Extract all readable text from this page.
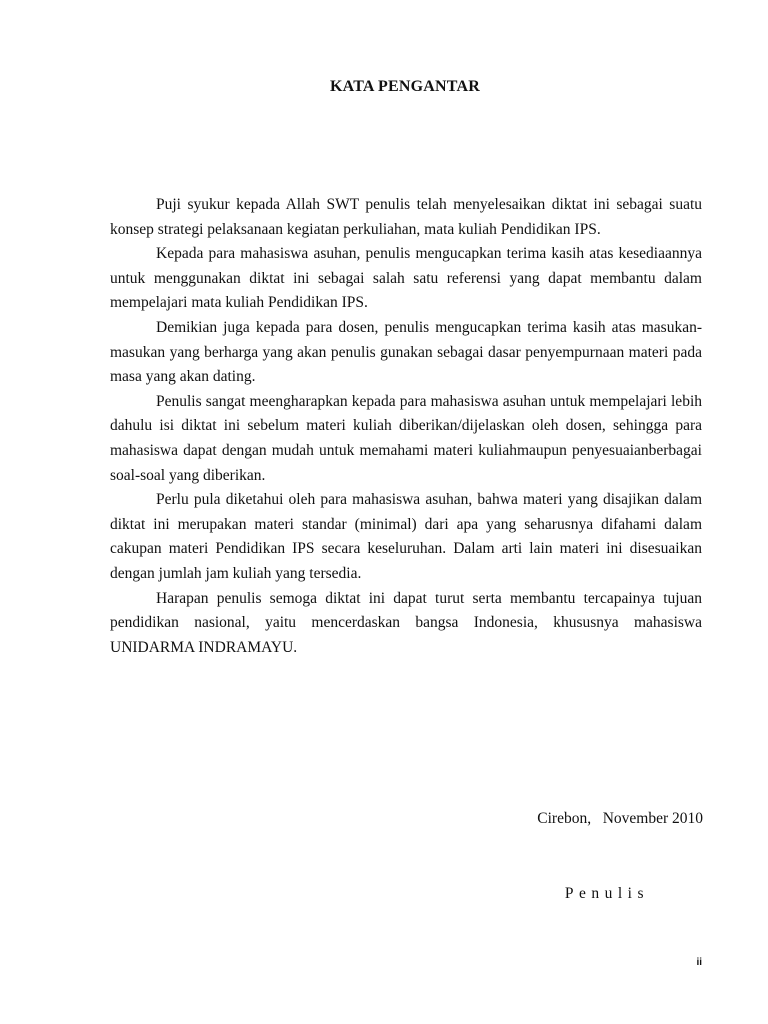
KATA PENGANTAR

Puji syukur kepada Allah SWT penulis telah menyelesaikan diktat ini sebagai suatu konsep strategi pelaksanaan kegiatan perkuliahan, mata kuliah Pendidikan IPS.

Kepada para mahasiswa asuhan, penulis mengucapkan terima kasih atas kesediaannya untuk menggunakan diktat ini sebagai salah satu referensi yang dapat membantu dalam mempelajari mata kuliah Pendidikan IPS.

Demikian juga kepada para dosen, penulis mengucapkan terima kasih atas masukan-masukan yang berharga yang akan penulis gunakan sebagai dasar penyempurnaan materi pada masa yang akan dating.

Penulis sangat meengharapkan kepada para mahasiswa asuhan untuk mempelajari lebih dahulu isi diktat ini sebelum materi kuliah diberikan/dijelaskan oleh dosen, sehingga para mahasiswa dapat dengan mudah untuk memahami materi kuliahmaupun penyesuaianberbagai soal-soal yang diberikan.

Perlu pula diketahui oleh para mahasiswa asuhan, bahwa materi yang disajikan dalam diktat ini merupakan materi standar (minimal) dari apa yang seharusnya difahami dalam cakupan materi Pendidikan IPS secara keseluruhan. Dalam arti lain materi ini disesuaikan dengan jumlah jam kuliah yang tersedia.

Harapan penulis semoga diktat ini dapat turut serta membantu tercapainya tujuan pendidikan nasional, yaitu mencerdaskan bangsa Indonesia, khususnya mahasiswa UNIDARMA INDRAMAYU.

Cirebon,   November 2010
Penulis
ii
